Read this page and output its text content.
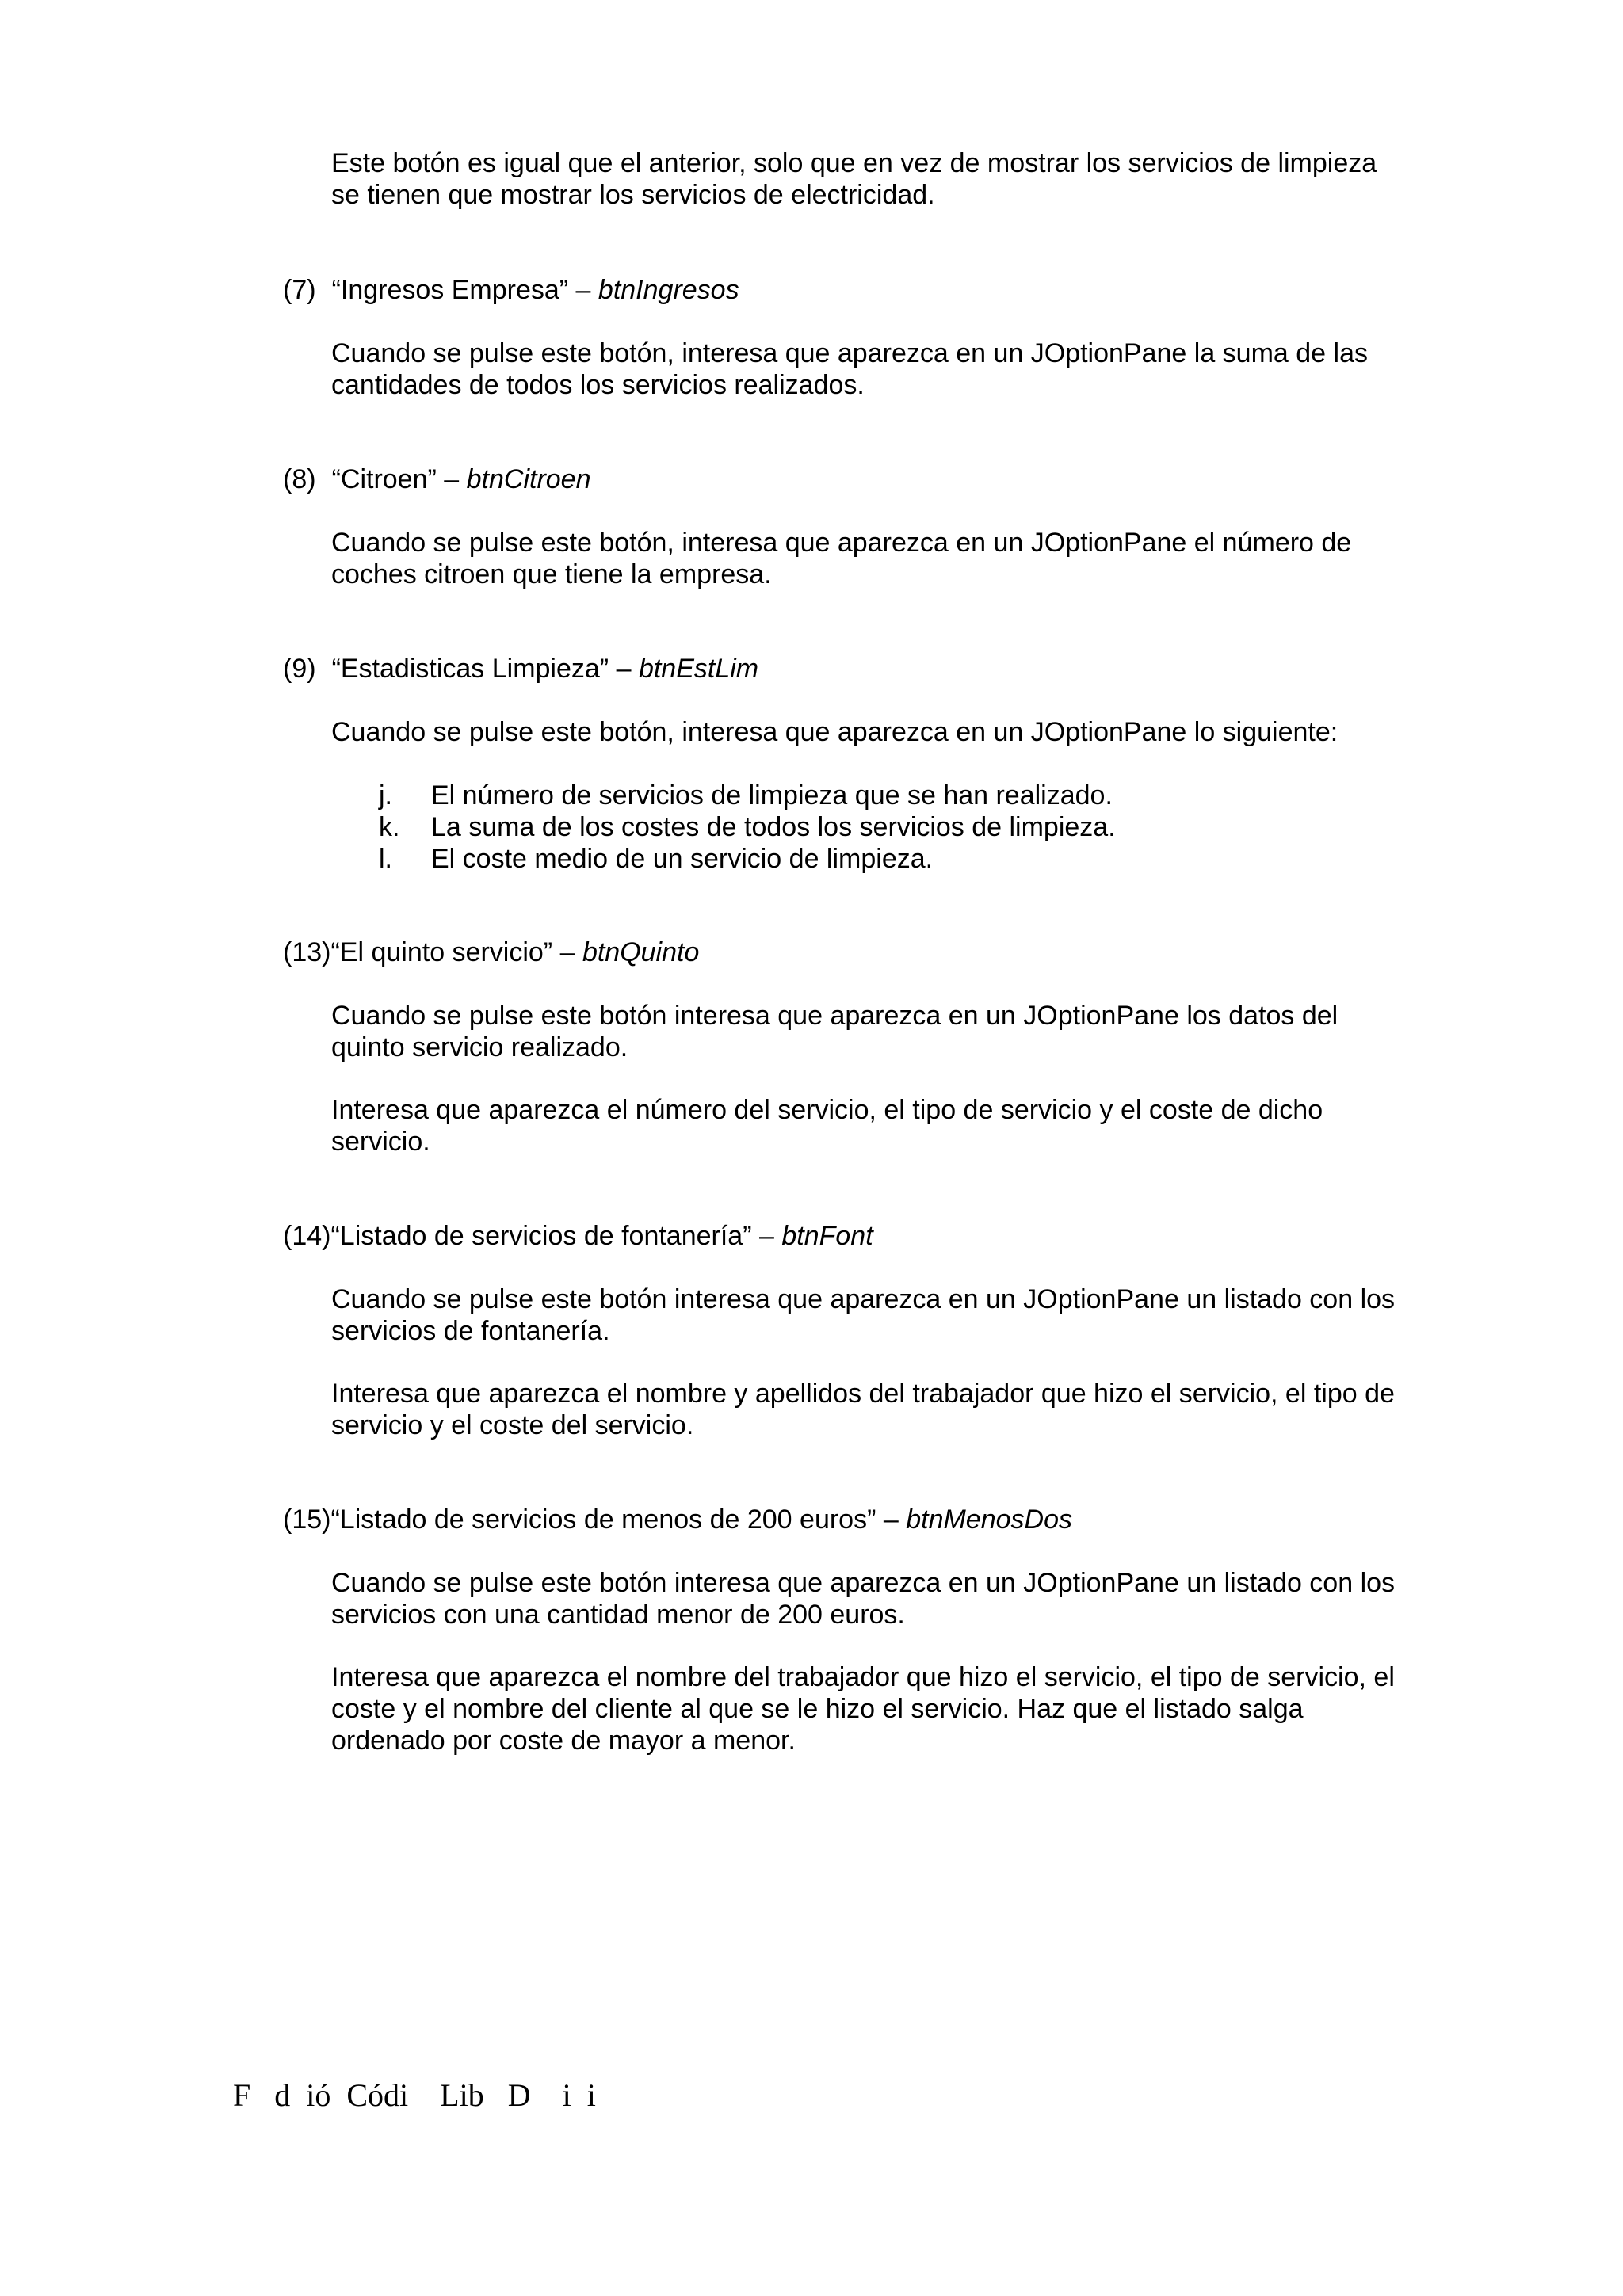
Este botón es igual que el anterior, solo que en vez de mostrar los servicios de limpieza se tienen que mostrar los servicios de electricidad.

(7) “Ingresos Empresa” – btnIngresos

Cuando se pulse este botón, interesa que aparezca en un JOptionPane la suma de las cantidades de todos los servicios realizados.

(8) “Citroen” – btnCitroen

Cuando se pulse este botón, interesa que aparezca en un JOptionPane el número de coches citroen que tiene la empresa.

(9) “Estadisticas Limpieza” – btnEstLim

Cuando se pulse este botón, interesa que aparezca en un JOptionPane lo siguiente:

j. El número de servicios de limpieza que se han realizado.
k. La suma de los costes de todos los servicios de limpieza.
l. El coste medio de un servicio de limpieza.

(13)“El quinto servicio” – btnQuinto

Cuando se pulse este botón interesa que aparezca en un JOptionPane los datos del quinto servicio realizado.

Interesa que aparezca el número del servicio, el tipo de servicio y el coste de dicho servicio.

(14)“Listado de servicios de fontanería” – btnFont

Cuando se pulse este botón interesa que aparezca en un JOptionPane un listado con los servicios de fontanería.

Interesa que aparezca el nombre y apellidos del trabajador que hizo el servicio, el tipo de servicio y el coste del servicio.

(15)“Listado de servicios de menos de 200 euros” – btnMenosDos

Cuando se pulse este botón interesa que aparezca en un JOptionPane un listado con los servicios con una cantidad menor de 200 euros.

Interesa que aparezca el nombre del trabajador que hizo el servicio, el tipo de servicio, el coste y el nombre del cliente al que se le hizo el servicio. Haz que el listado salga ordenado por coste de mayor a menor.

F   d  ió  Códi    Lib   D    i  i
